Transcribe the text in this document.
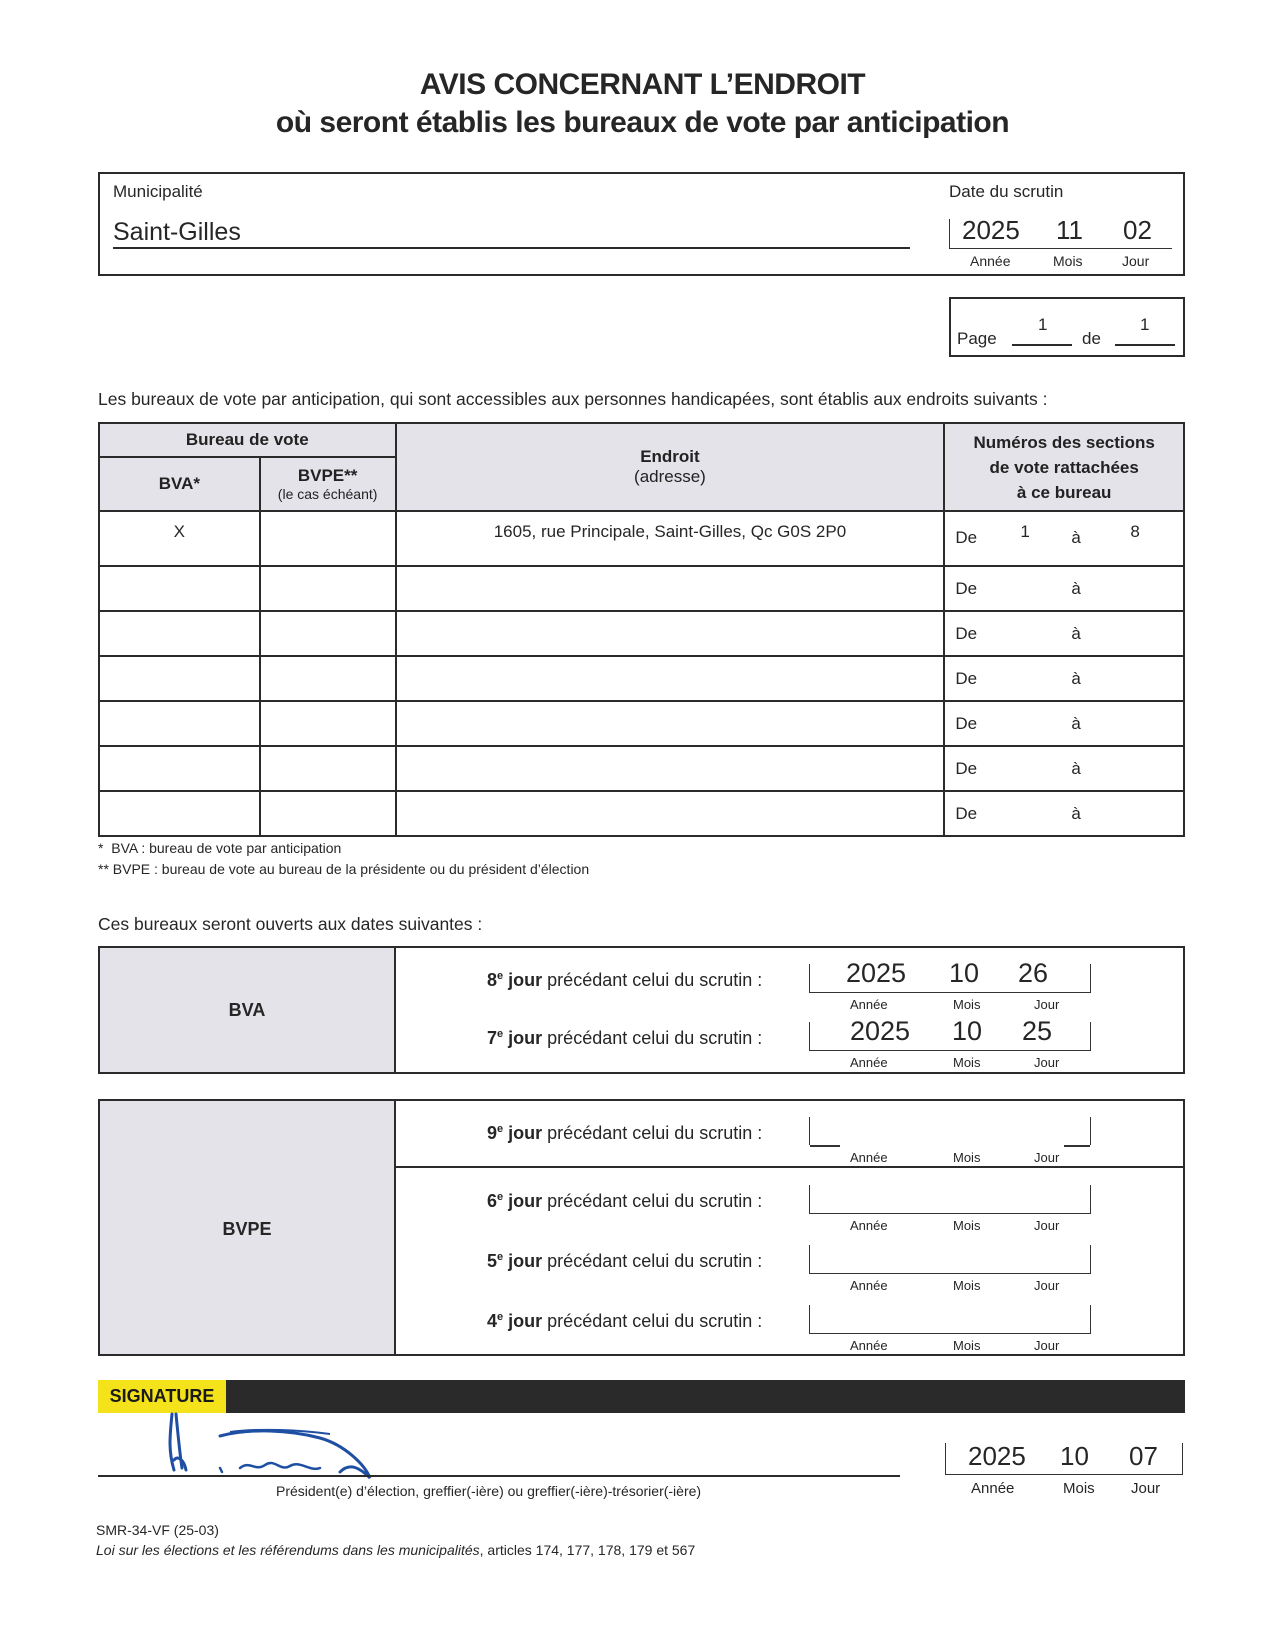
AVIS CONCERNANT L’ENDROIT
où seront établis les bureaux de vote par anticipation
Municipalité
Saint-Gilles
Date du scrutin
2025 11 02
Année	Mois	Jour
Page
1
de
1
Les bureaux de vote par anticipation, qui sont accessibles aux personnes handicapées, sont établis aux endroits suivants :
Bureau de vote	
Endroit
(adresse)

Numéros des sections
de vote rattachées
à ce bureau

BVA*	BVPE**
(le cas échéant)		

X		1605, rue Principale, Saint-Gilles, Qc G0S 2P0	De 1 à 8

			De à

			De à

			De à

			De à

			De à

			De à
*  BVA : bureau de vote par anticipation
** BVPE : bureau de vote au bureau de la présidente ou du président d’élection
Ces bureaux seront ouverts aux dates suivantes :
BVA
8e jour précédant celui du scrutin :	2025 10 26
Année	Mois	Jour
7e jour précédant celui du scrutin :	2025 10 25
Année	Mois	Jour
BVPE
9e jour précédant celui du scrutin :
Année	Mois	Jour
6e jour précédant celui du scrutin :
Année	Mois	Jour
5e jour précédant celui du scrutin :
Année	Mois	Jour
4e jour précédant celui du scrutin :
Année	Mois	Jour
SIGNATURE
Président(e) d’élection, greffier(-ière) ou greffier(-ière)-trésorier(-ière)
2025 10 07
Année	Mois Jour
SMR-34-VF (25-03)
Loi sur les élections et les référendums dans les municipalités, articles 174, 177, 178, 179 et 567
